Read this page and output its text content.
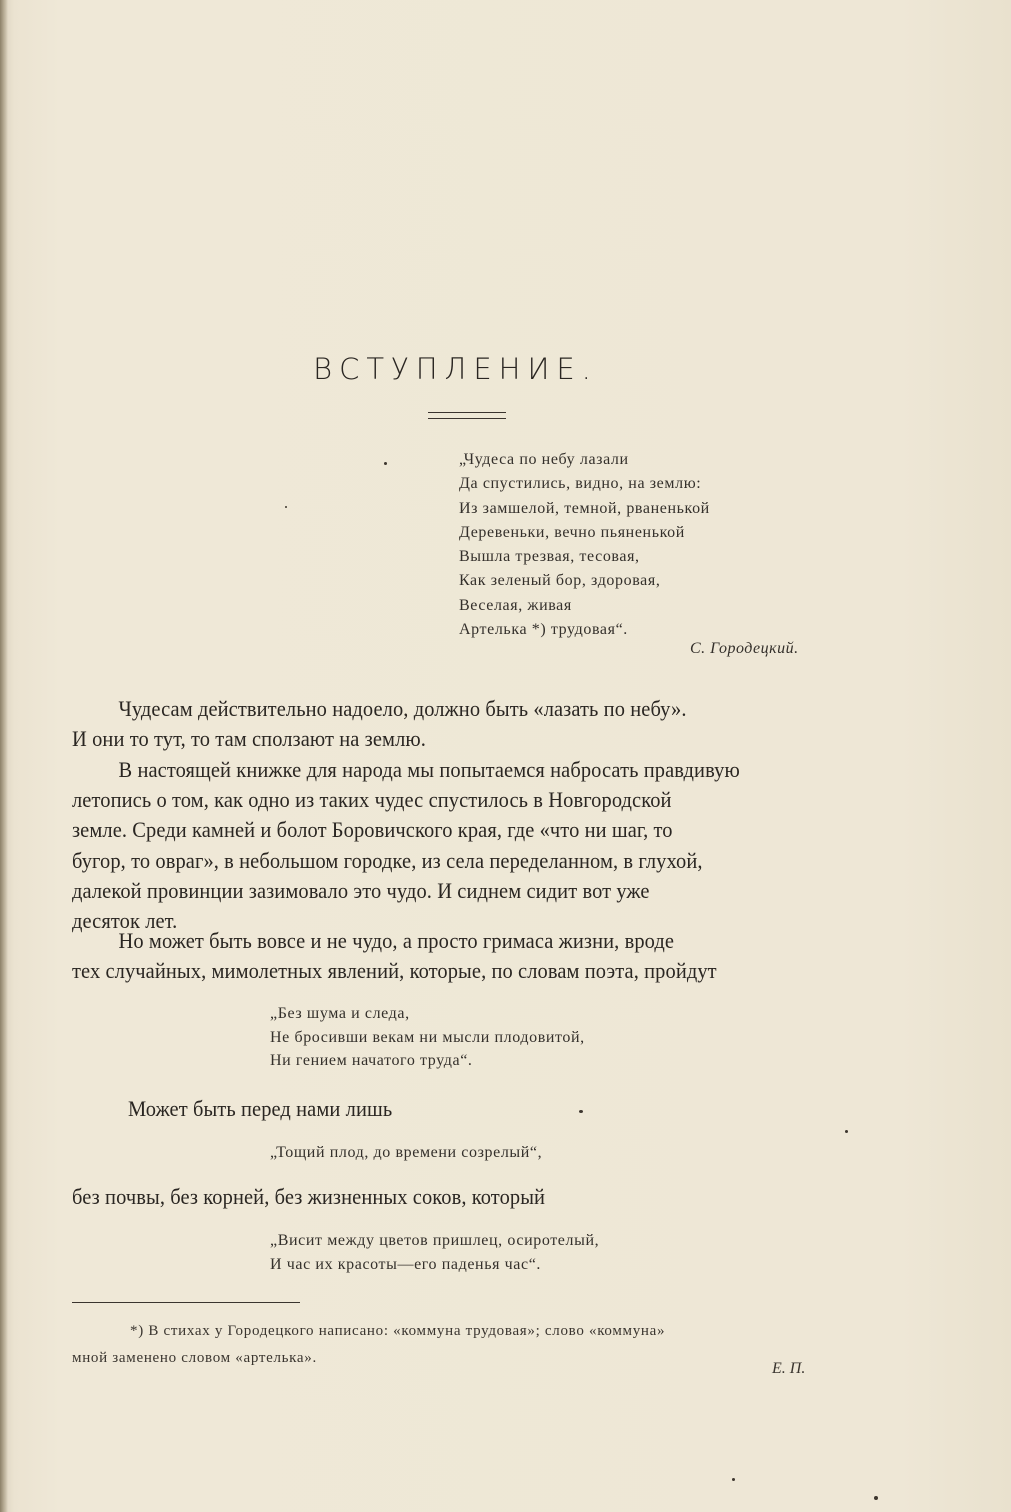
ВСТУПЛЕНИЕ.
„Чудеса по небу лазали
Да спустились, видно, на землю:
Из замшелой, темной, рваненькой
Деревеньки, вечно пьяненькой
Вышла трезвая, тесовая,
Как зеленый бор, здоровая,
Веселая, живая
Артелька *) трудовая“.
С. Городецкий.
Чудесам действительно надоело, должно быть «лазать по небу».
И они то тут, то там сползают на землю.
В настоящей книжке для народа мы попытаемся набросать правдивую
летопись о том, как одно из таких чудес спустилось в Новгородской
земле. Среди камней и болот Боровичского края, где «что ни шаг, то
бугор, то овраг», в небольшом городке, из села переделанном, в глухой,
далекой провинции зазимовало это чудо. И сиднем сидит вот уже
десяток лет.
Но может быть вовсе и не чудо, а просто гримаса жизни, вроде
тех случайных, мимолетных явлений, которые, по словам поэта, пройдут
„Без шума и следа,
Не бросивши векам ни мысли плодовитой,
Ни гением начатого труда“.
Может быть перед нами лишь
„Тощий плод, до времени созрелый“,
без почвы, без корней, без жизненных соков, который
„Висит между цветов пришлец, осиротелый,
И час их красоты—его паденья час“.
*) В стихах у Городецкого написано: «коммуна трудовая»; слово «коммуна»
мной заменено словом «артелька».
Е. П.
